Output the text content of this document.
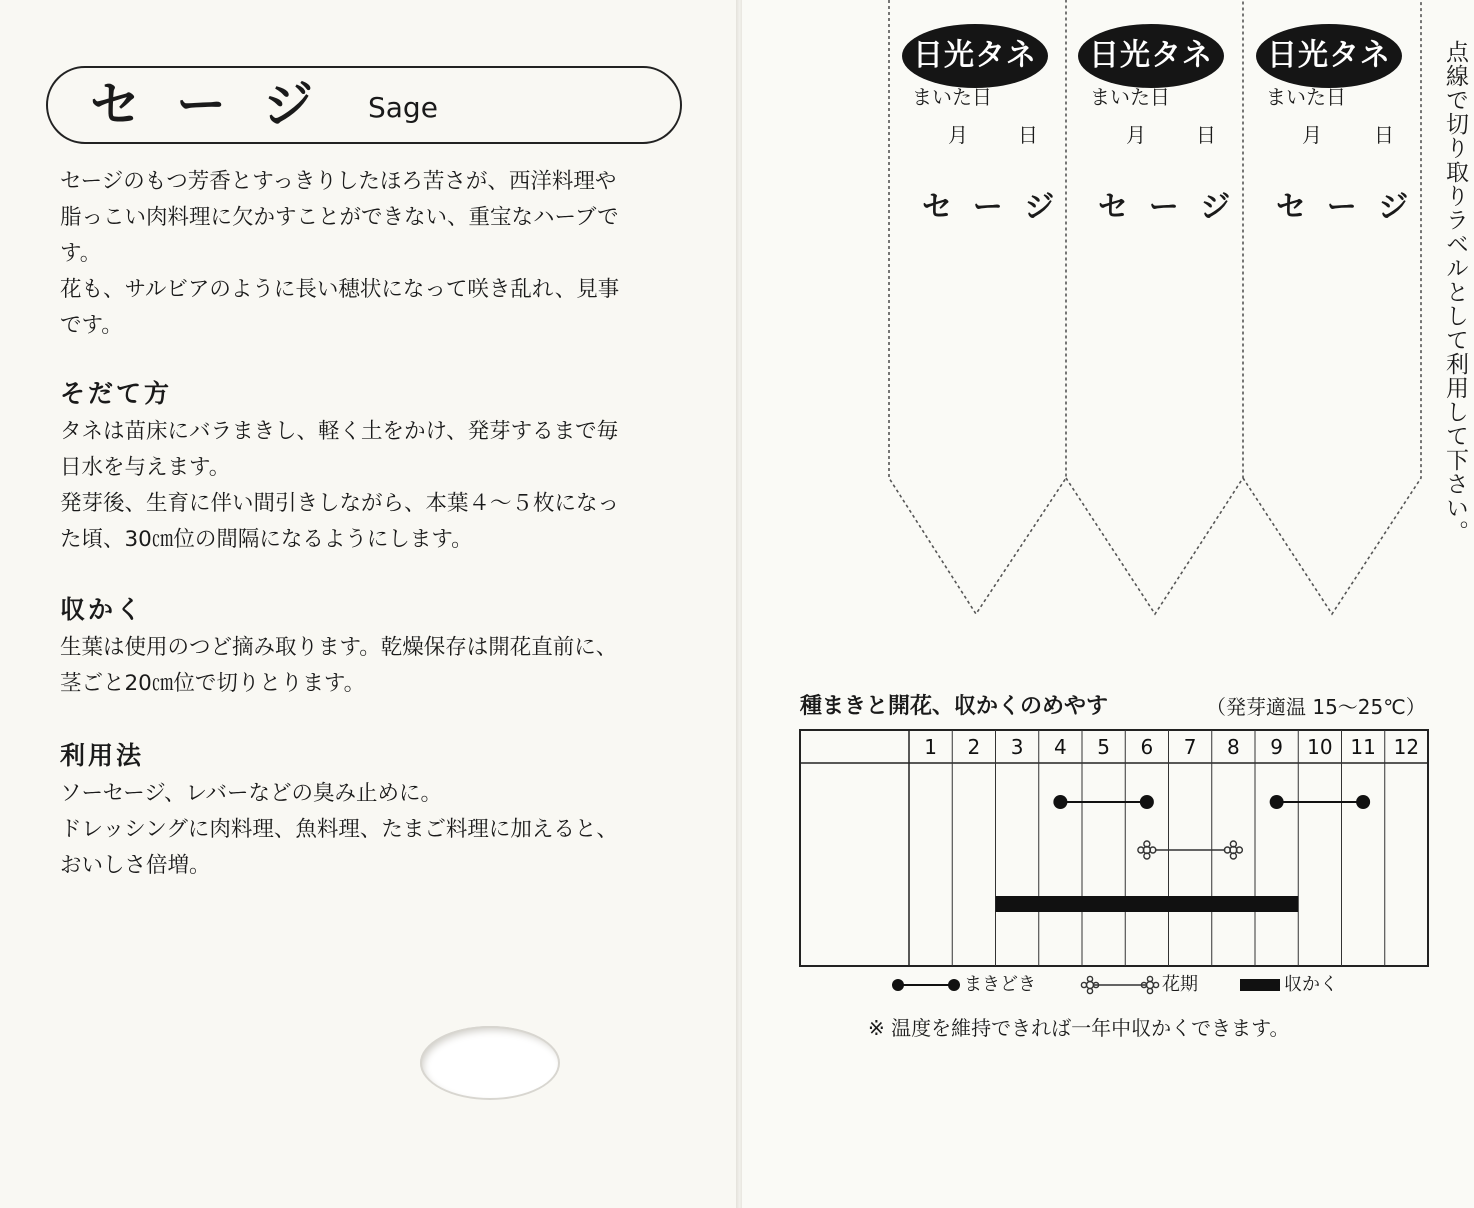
セージ Sage

セージのもつ芳香とすっきりしたほろ苦さが、西洋料理や
脂っこい肉料理に欠かすことができない、重宝なハーブで
す。
花も、サルビアのように長い穂状になって咲き乱れ、見事
です。

そだて方

タネは苗床にバラまきし、軽く土をかけ、発芽するまで毎
日水を与えます。
発芽後、生育に伴い間引きしながら、本葉４～５枚になっ
た頃、30㎝位の間隔になるようにします。

収かく

生葉は使用のつど摘み取ります。乾燥保存は開花直前に、
茎ごと20㎝位で切りとります。

利用法

ソーセージ、レバーなどの臭み止めに。
ドレッシングに肉料理、魚料理、たまご料理に加えると、
おいしさ倍増。

日光タネ
まいた日
月	日
セージ
日光タネ
まいた日
月	日
セージ
日光タネ
まいた日
月	日
セージ 点線で切り取りラベルとして利用して下さい。
種まきと開花、収かくのめやす	（発芽適温 15～25℃）
1 2 3 4 5 6 7 8 9 10 11 12
まきどき	花期	収かく
※ 温度を維持できれば一年中収かくできます。
